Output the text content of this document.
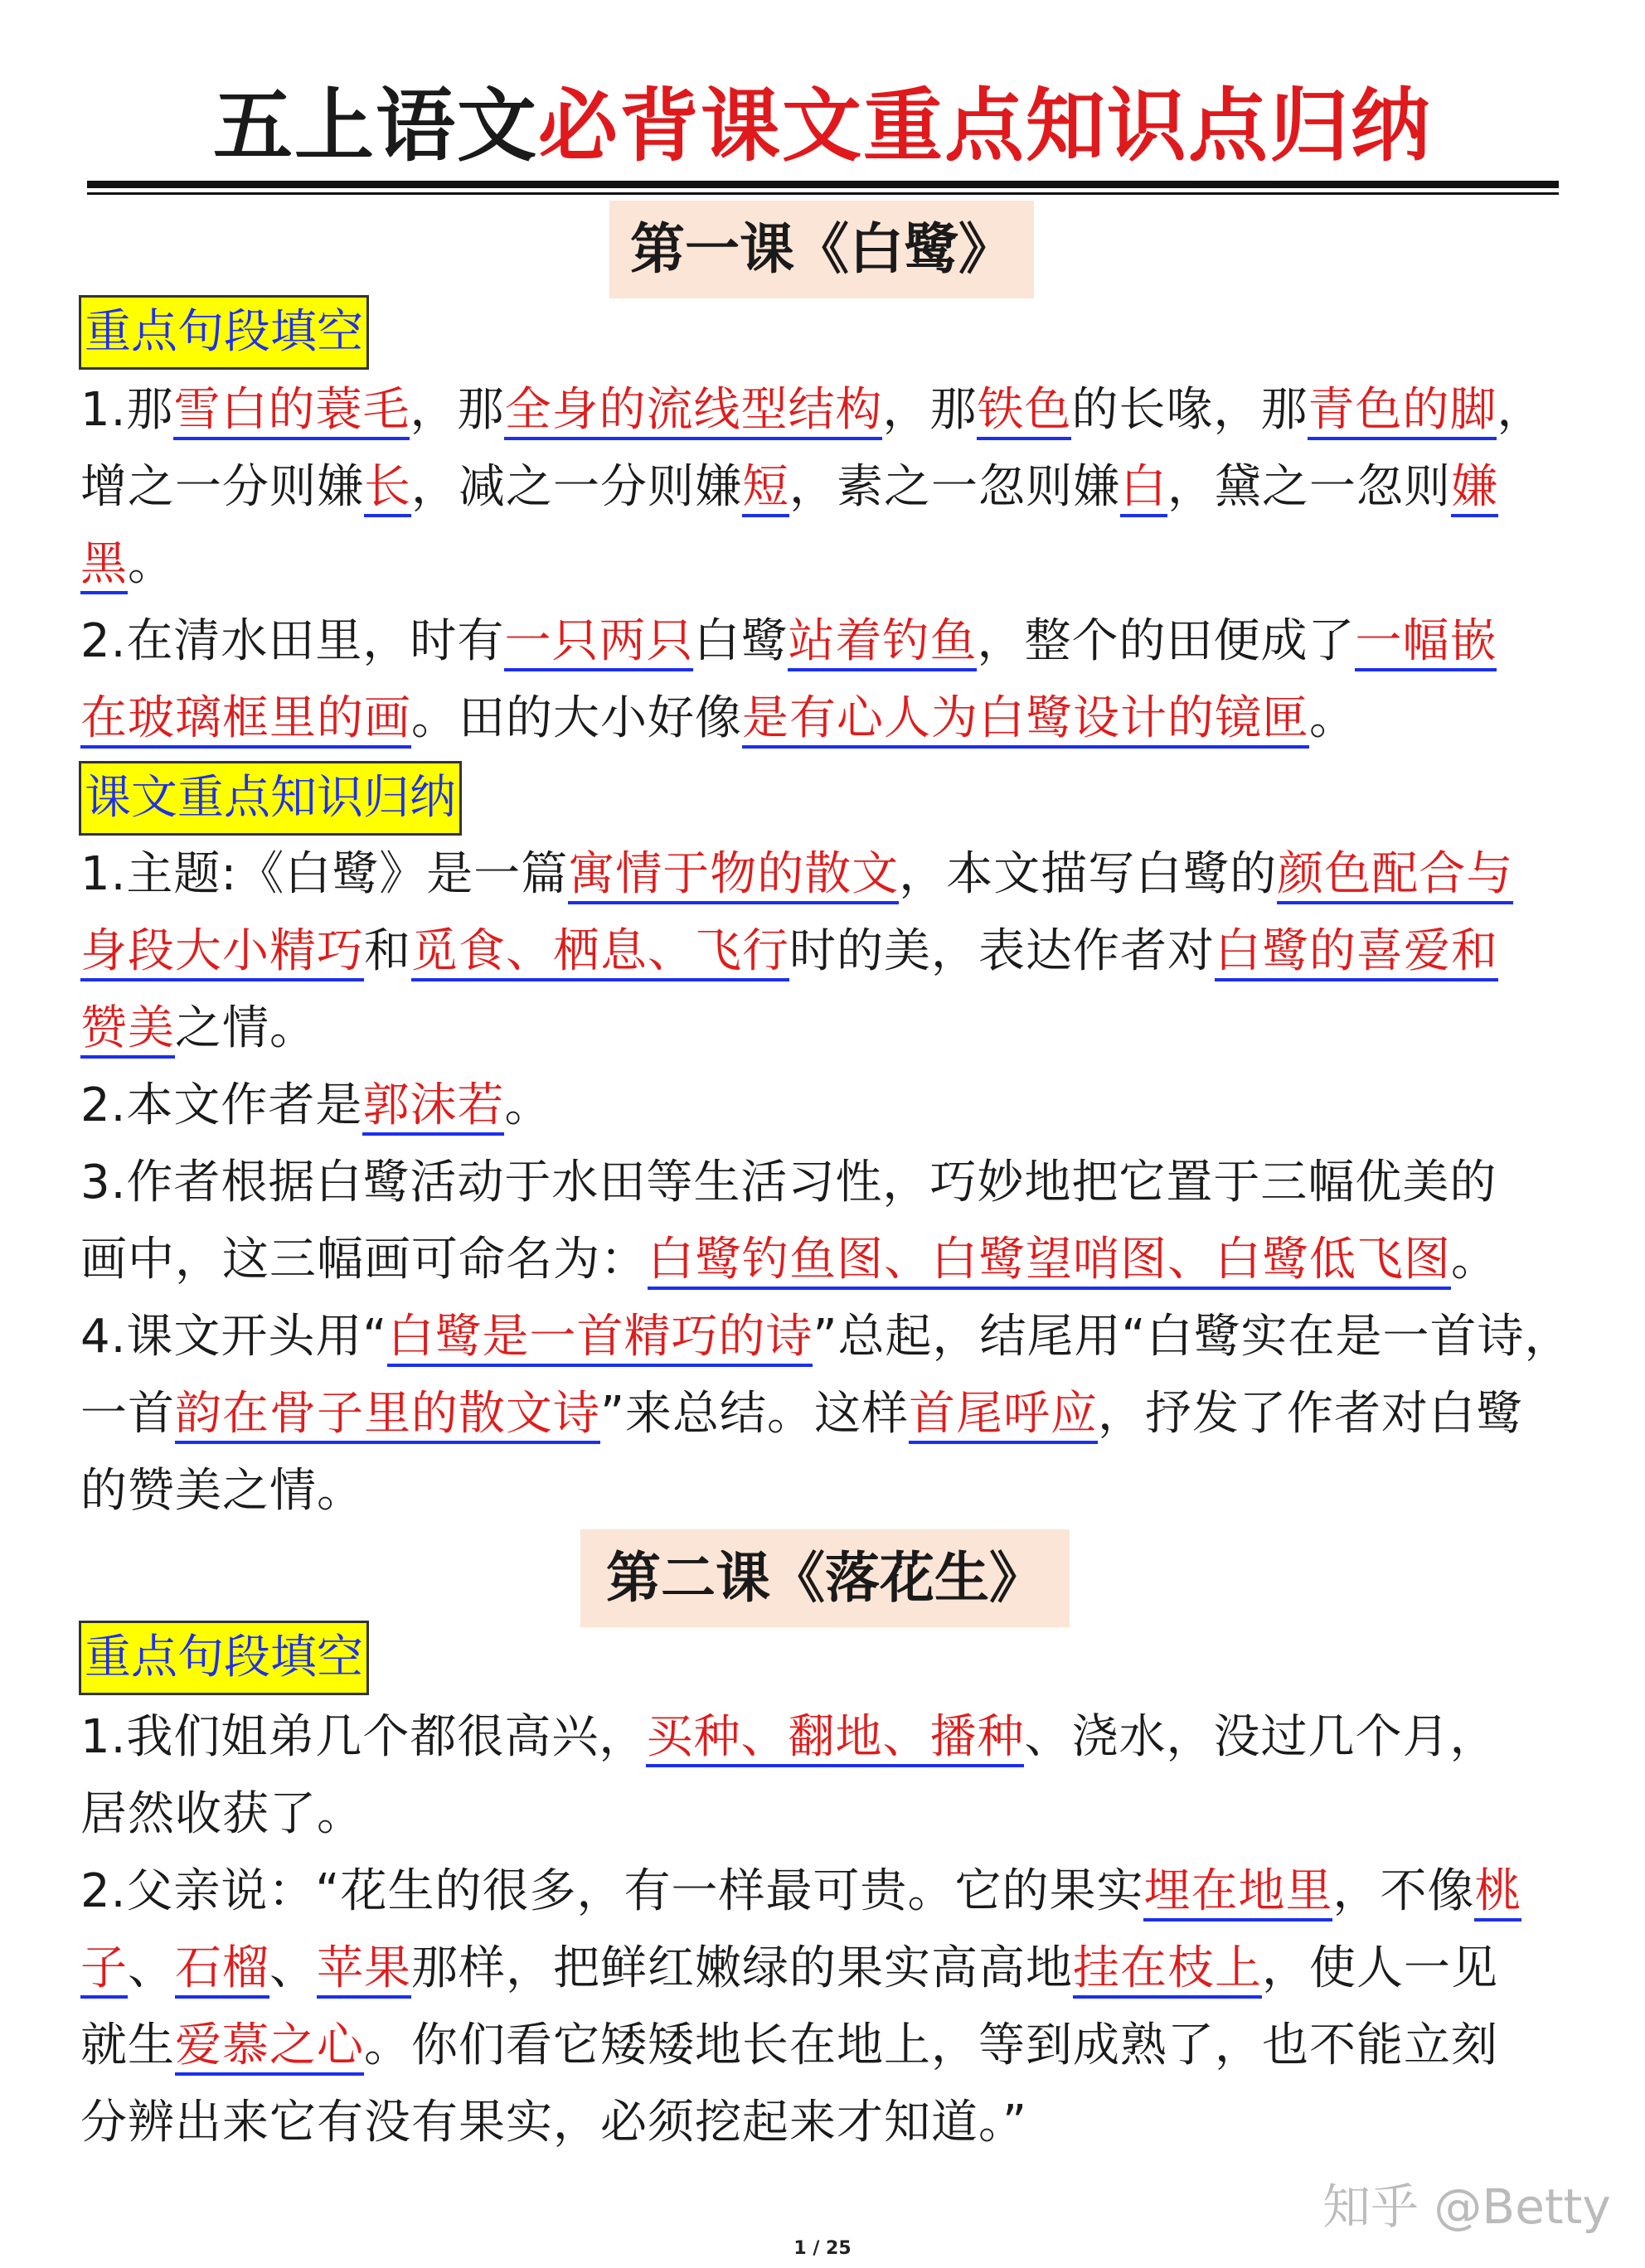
五上语文必背课文重点知识点归纳
第一课《白鹭》
重点句段填空
1.那雪白的蓑毛，那全身的流线型结构，那铁色的长喙，那青色的脚，
增之一分则嫌长，减之一分则嫌短，素之一忽则嫌白，黛之一忽则嫌
黑。
2.在清水田里，时有一只两只白鹭站着钓鱼，整个的田便成了一幅嵌
在玻璃框里的画。田的大小好像是有心人为白鹭设计的镜匣。
课文重点知识归纳
1.主题:《白鹭》是一篇寓情于物的散文，本文描写白鹭的颜色配合与
身段大小精巧和觅食、栖息、飞行时的美，表达作者对白鹭的喜爱和
赞美之情。
2.本文作者是郭沫若。
3.作者根据白鹭活动于水田等生活习性，巧妙地把它置于三幅优美的
画中，这三幅画可命名为：白鹭钓鱼图、白鹭望哨图、白鹭低飞图。
4.课文开头用“白鹭是一首精巧的诗”总起，结尾用“白鹭实在是一首诗，
一首韵在骨子里的散文诗”来总结。这样首尾呼应，抒发了作者对白鹭
的赞美之情。
第二课《落花生》
重点句段填空
1.我们姐弟几个都很高兴，买种、翻地、播种、浇水，没过几个月，
居然收获了。
2.父亲说：“花生的很多，有一样最可贵。它的果实埋在地里，不像桃
子、石榴、苹果那样，把鲜红嫩绿的果实高高地挂在枝上，使人一见
就生爱慕之心。你们看它矮矮地长在地上，等到成熟了，也不能立刻
分辨出来它有没有果实，必须挖起来才知道。”
知乎 @Betty
1 / 25
